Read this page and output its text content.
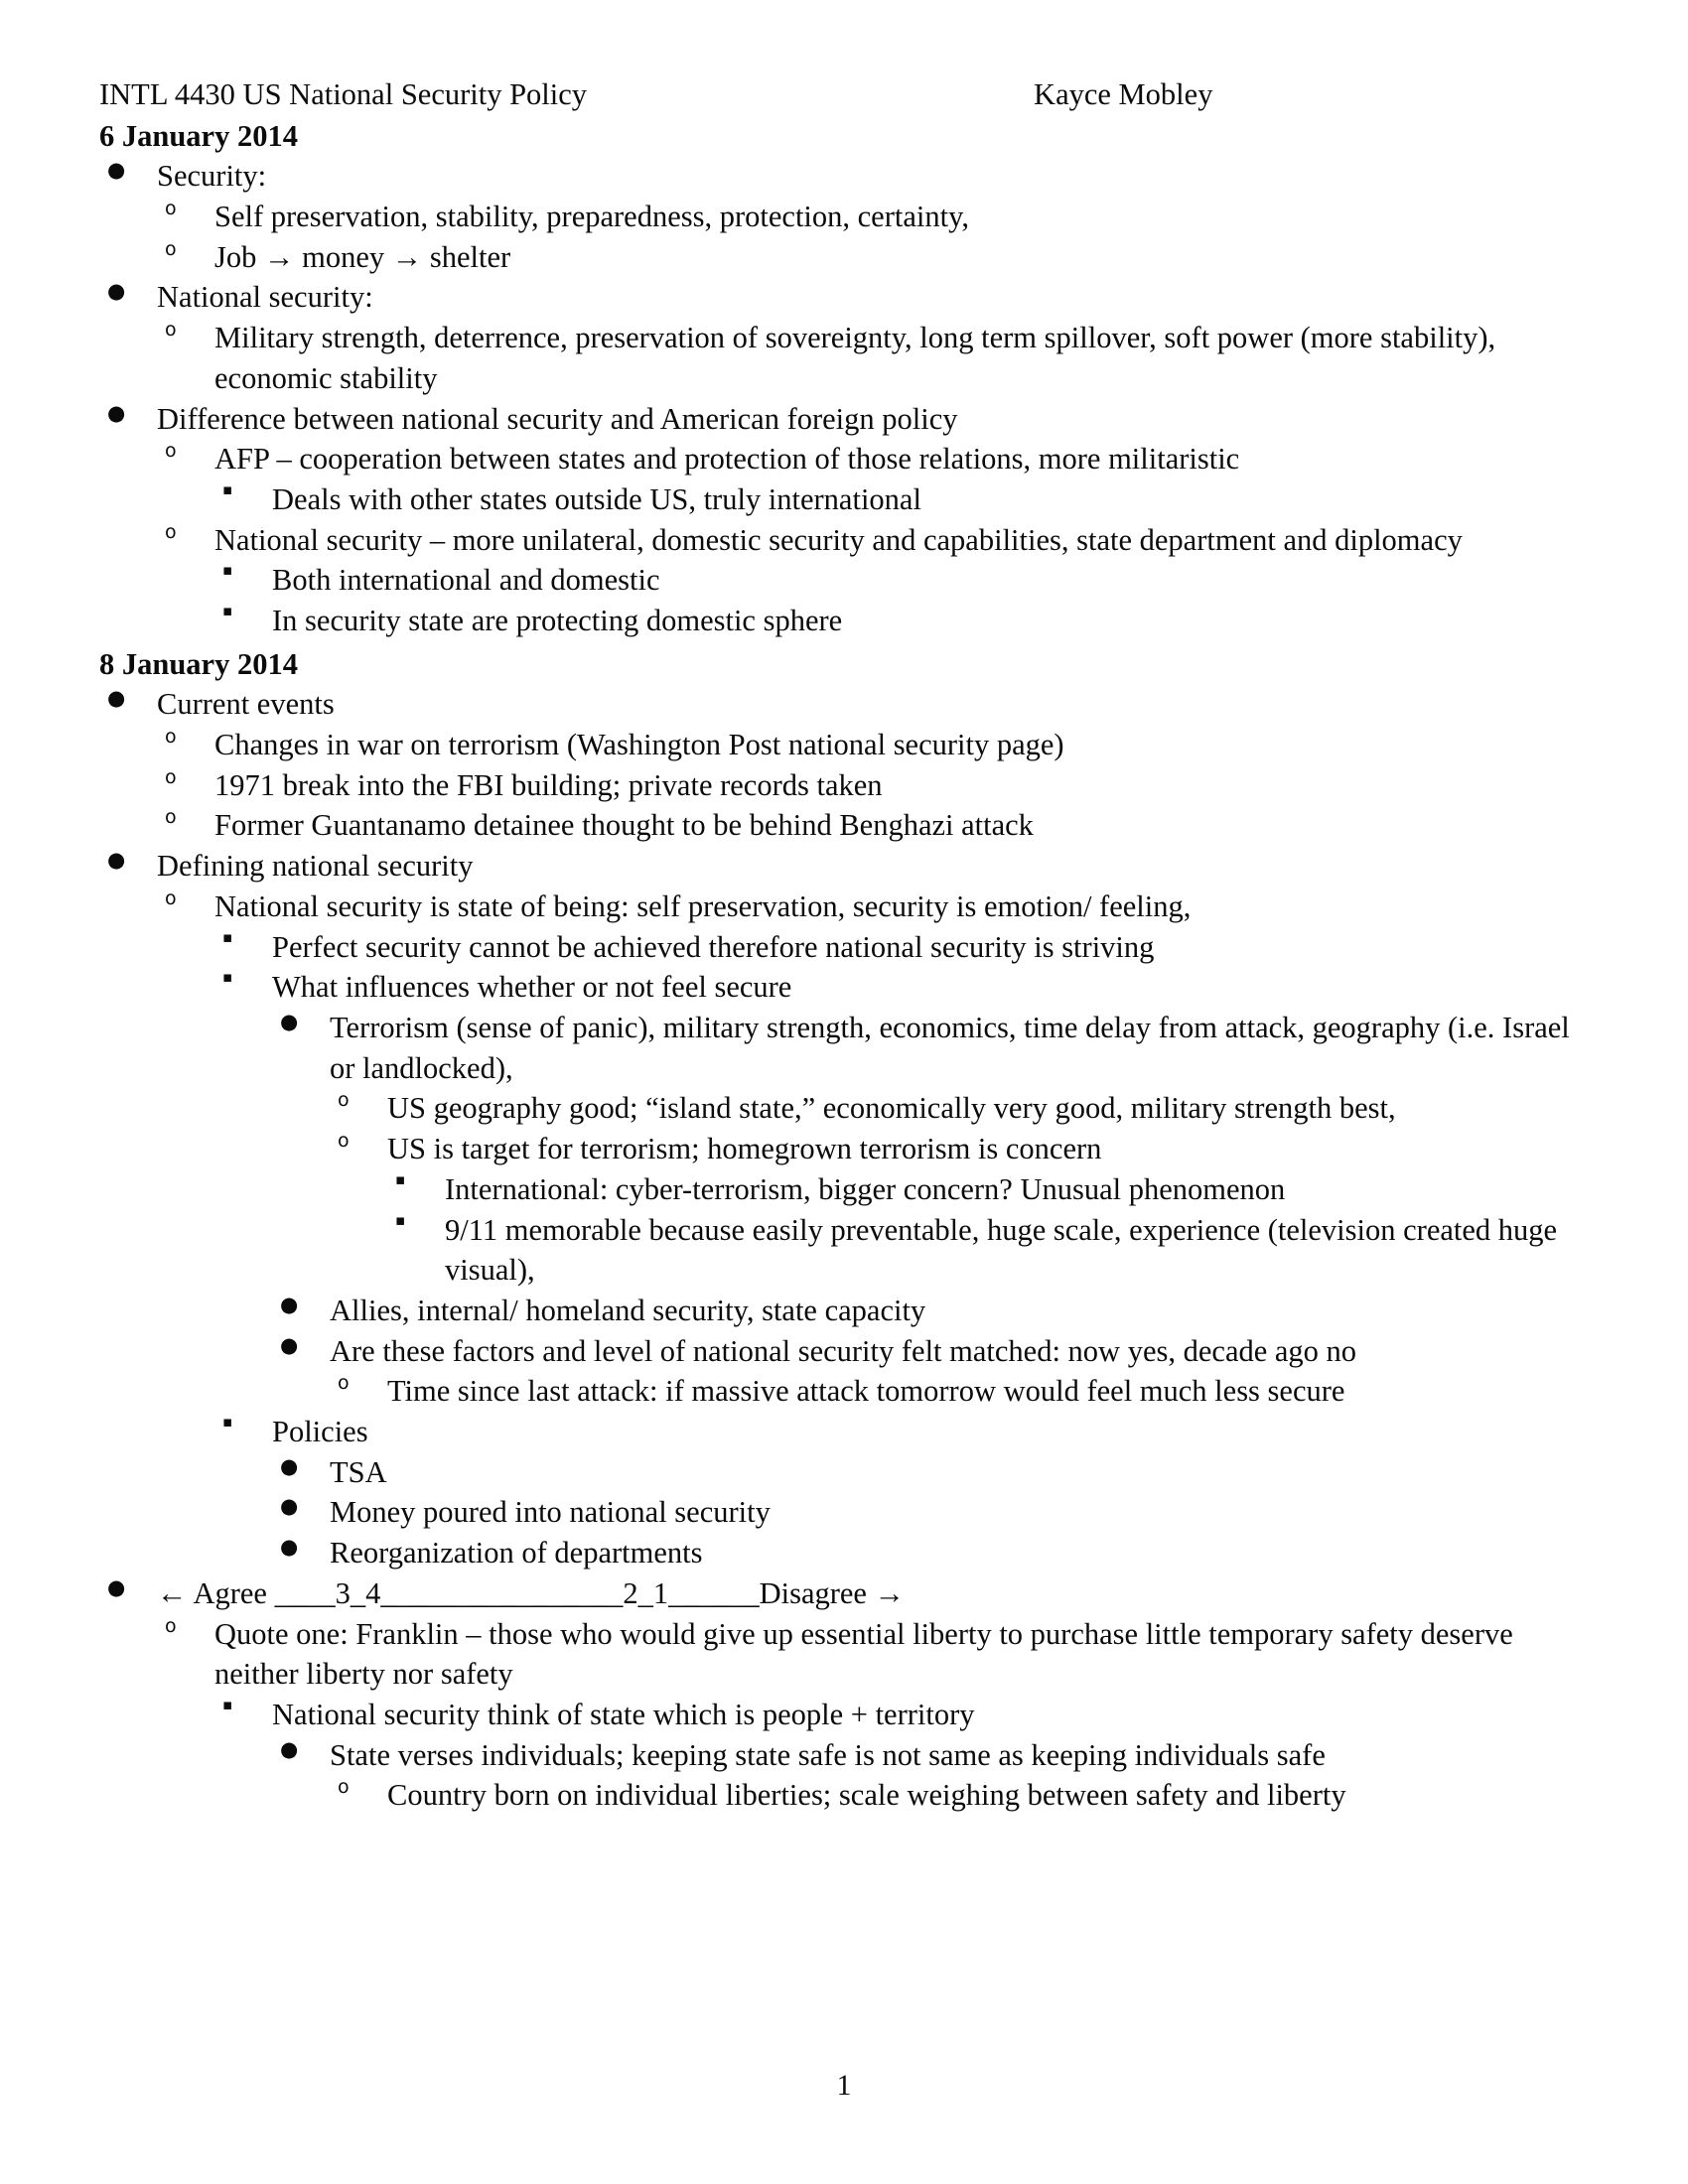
INTL 4430 US National Security Policy	Kayce Mobley
6 January 2014
●	Security:
o	Self preservation, stability, preparedness, protection, certainty,
o	Job → money → shelter
●	National security:
o	Military strength, deterrence, preservation of sovereignty, long term spillover, soft power (more stability), economic stability
●	Difference between national security and American foreign policy
o	AFP – cooperation between states and protection of those relations, more militaristic
▪	Deals with other states outside US, truly international
o	National security – more unilateral, domestic security and capabilities, state department and diplomacy
▪	Both international and domestic
▪	In security state are protecting domestic sphere
8 January 2014
●	Current events
o	Changes in war on terrorism (Washington Post national security page)
o	1971 break into the FBI building; private records taken
o	Former Guantanamo detainee thought to be behind Benghazi attack
●	Defining national security
o	National security is state of being: self preservation, security is emotion/ feeling,
▪	Perfect security cannot be achieved therefore national security is striving
▪	What influences whether or not feel secure
●	Terrorism (sense of panic), military strength, economics, time delay from attack, geography (i.e. Israel or landlocked),
o	US geography good; “island state,” economically very good, military strength best,
o	US is target for terrorism; homegrown terrorism is concern
▪	International: cyber-terrorism, bigger concern? Unusual phenomenon
▪	9/11 memorable because easily preventable, huge scale, experience (television created huge visual),
●	Allies, internal/ homeland security, state capacity
●	Are these factors and level of national security felt matched: now yes, decade ago no
o	Time since last attack: if massive attack tomorrow would feel much less secure
▪	Policies
●	TSA
●	Money poured into national security
●	Reorganization of departments
●	← Agree ____3_4________________2_1______Disagree →
o	Quote one: Franklin – those who would give up essential liberty to purchase little temporary safety deserve neither liberty nor safety
▪	National security think of state which is people + territory
●	State verses individuals; keeping state safe is not same as keeping individuals safe
o	Country born on individual liberties; scale weighing between safety and liberty
1
